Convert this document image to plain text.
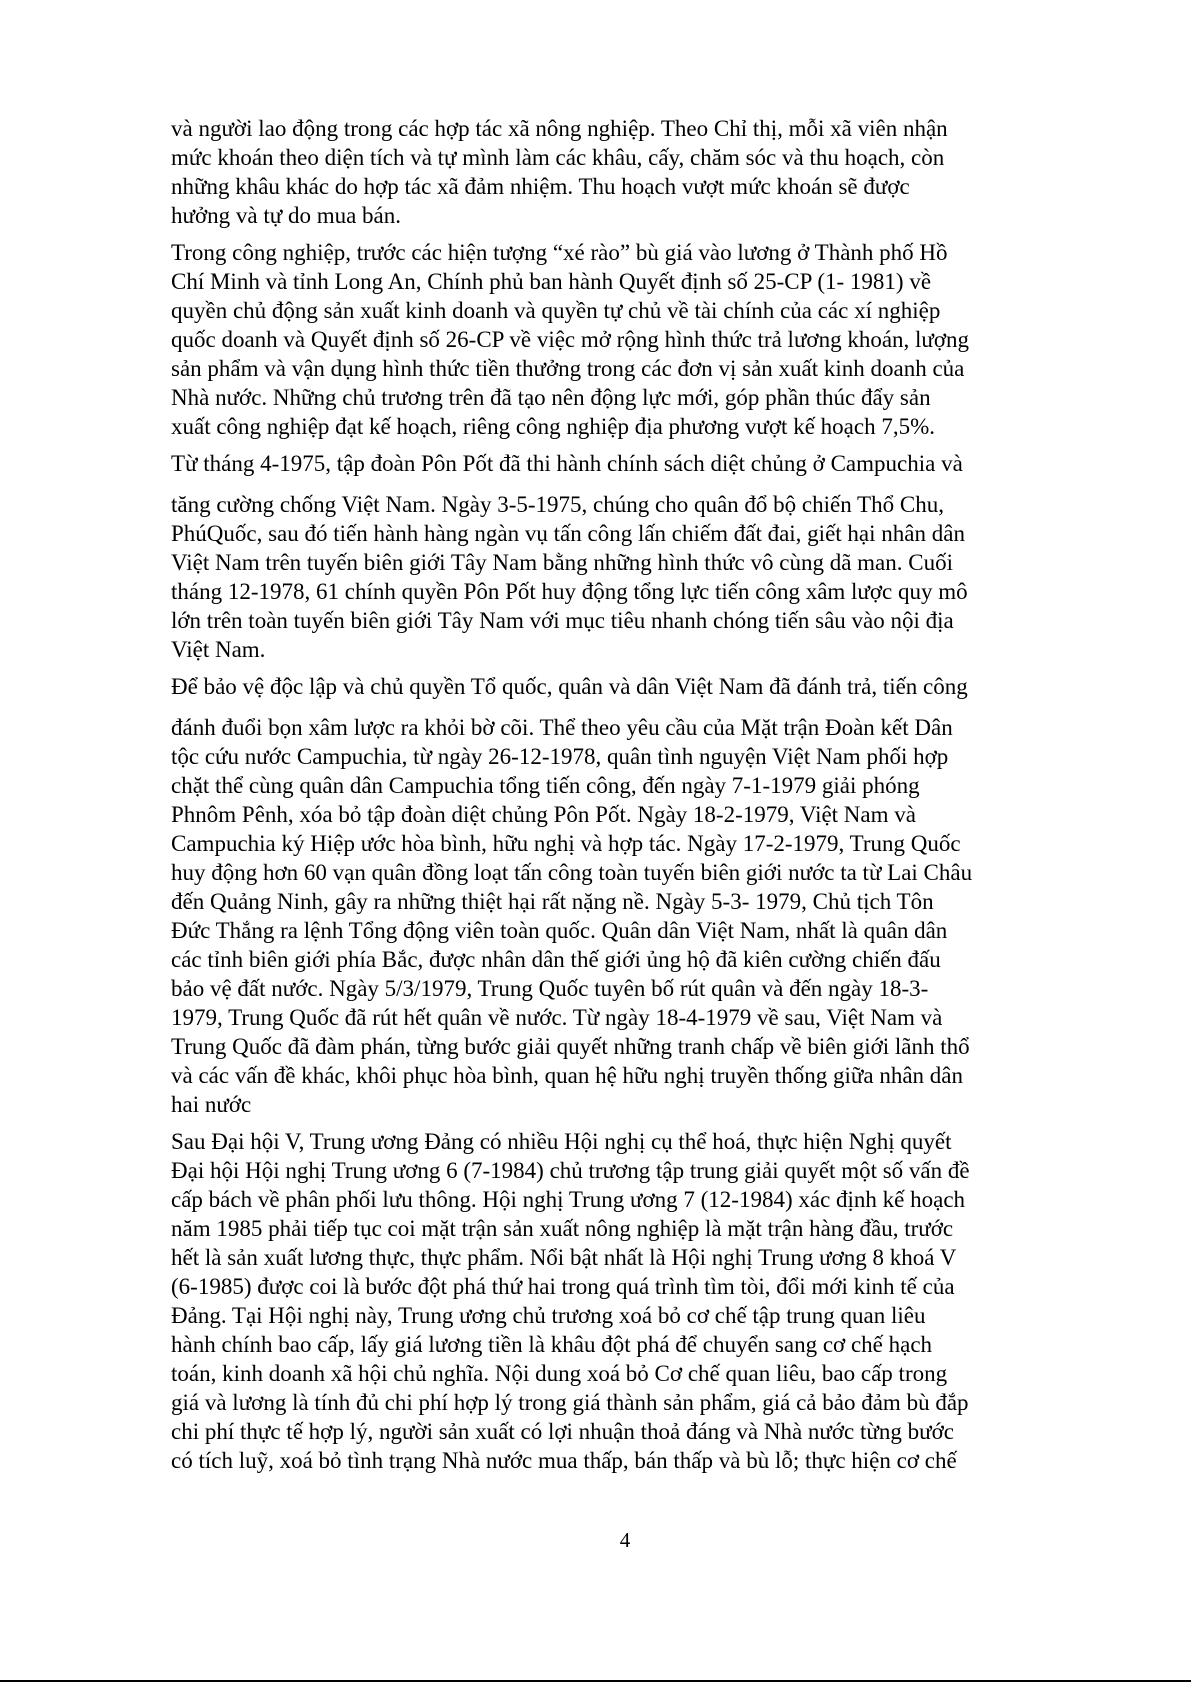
và người lao động trong các hợp tác xã nông nghiệp. Theo Chỉ thị, mỗi xã viên nhận
mức khoán theo diện tích và tự mình làm các khâu, cấy, chăm sóc và thu hoạch, còn
những khâu khác do hợp tác xã đảm nhiệm. Thu hoạch vượt mức khoán sẽ được
hưởng và tự do mua bán.

Trong công nghiệp, trước các hiện tượng “xé rào” bù giá vào lương ở Thành phố Hồ
Chí Minh và tỉnh Long An, Chính phủ ban hành Quyết định số 25-CP (1- 1981) về
quyền chủ động sản xuất kinh doanh và quyền tự chủ về tài chính của các xí nghiệp
quốc doanh và Quyết định số 26-CP về việc mở rộng hình thức trả lương khoán, lượng
sản phẩm và vận dụng hình thức tiền thưởng trong các đơn vị sản xuất kinh doanh của
Nhà nước. Những chủ trương trên đã tạo nên động lực mới, góp phần thúc đẩy sản
xuất công nghiệp đạt kế hoạch, riêng công nghiệp địa phương vượt kế hoạch 7,5%.

Từ tháng 4-1975, tập đoàn Pôn Pốt đã thi hành chính sách diệt chủng ở Campuchia và
tăng cường chống Việt Nam. Ngày 3-5-1975, chúng cho quân đổ bộ chiến Thổ Chu,
PhúQuốc, sau đó tiến hành hàng ngàn vụ tấn công lấn chiếm đất đai, giết hại nhân dân
Việt Nam trên tuyến biên giới Tây Nam bằng những hình thức vô cùng dã man. Cuối
tháng 12-1978, 61 chính quyền Pôn Pốt huy động tổng lực tiến công xâm lược quy mô
lớn trên toàn tuyến biên giới Tây Nam với mục tiêu nhanh chóng tiến sâu vào nội địa
Việt Nam.

Để bảo vệ độc lập và chủ quyền Tổ quốc, quân và dân Việt Nam đã đánh trả, tiến công
đánh đuổi bọn xâm lược ra khỏi bờ cõi. Thể theo yêu cầu của Mặt trận Đoàn kết Dân
tộc cứu nước Campuchia, từ ngày 26-12-1978, quân tình nguyện Việt Nam phối hợp
chặt thể cùng quân dân Campuchia tổng tiến công, đến ngày 7-1-1979 giải phóng
Phnôm Pênh, xóa bỏ tập đoàn diệt chủng Pôn Pốt. Ngày 18-2-1979, Việt Nam và
Campuchia ký Hiệp ước hòa bình, hữu nghị và hợp tác. Ngày 17-2-1979, Trung Quốc
huy động hơn 60 vạn quân đồng loạt tấn công toàn tuyến biên giới nước ta từ Lai Châu
đến Quảng Ninh, gây ra những thiệt hại rất nặng nề. Ngày 5-3- 1979, Chủ tịch Tôn
Đức Thắng ra lệnh Tổng động viên toàn quốc. Quân dân Việt Nam, nhất là quân dân
các tỉnh biên giới phía Bắc, được nhân dân thế giới ủng hộ đã kiên cường chiến đấu
bảo vệ đất nước. Ngày 5/3/1979, Trung Quốc tuyên bố rút quân và đến ngày 18-3-
1979, Trung Quốc đã rút hết quân về nước. Từ ngày 18-4-1979 về sau, Việt Nam và
Trung Quốc đã đàm phán, từng bước giải quyết những tranh chấp về biên giới lãnh thổ
và các vấn đề khác, khôi phục hòa bình, quan hệ hữu nghị truyền thống giữa nhân dân
hai nước

Sau Đại hội V, Trung ương Đảng có nhiều Hội nghị cụ thể hoá, thực hiện Nghị quyết
Đại hội Hội nghị Trung ương 6 (7-1984) chủ trương tập trung giải quyết một số vấn đề
cấp bách về phân phối lưu thông. Hội nghị Trung ương 7 (12-1984) xác định kế hoạch
năm 1985 phải tiếp tục coi mặt trận sản xuất nông nghiệp là mặt trận hàng đầu, trước
hết là sản xuất lương thực, thực phẩm. Nổi bật nhất là Hội nghị Trung ương 8 khoá V
(6-1985) được coi là bước đột phá thứ hai trong quá trình tìm tòi, đổi mới kinh tế của
Đảng. Tại Hội nghị này, Trung ương chủ trương xoá bỏ cơ chế tập trung quan liêu
hành chính bao cấp, lấy giá lương tiền là khâu đột phá để chuyển sang cơ chế hạch
toán, kinh doanh xã hội chủ nghĩa. Nội dung xoá bỏ Cơ chế quan liêu, bao cấp trong
giá và lương là tính đủ chi phí hợp lý trong giá thành sản phẩm, giá cả bảo đảm bù đắp
chi phí thực tế hợp lý, người sản xuất có lợi nhuận thoả đáng và Nhà nước từng bước
có tích luỹ, xoá bỏ tình trạng Nhà nước mua thấp, bán thấp và bù lỗ; thực hiện cơ chế

4
